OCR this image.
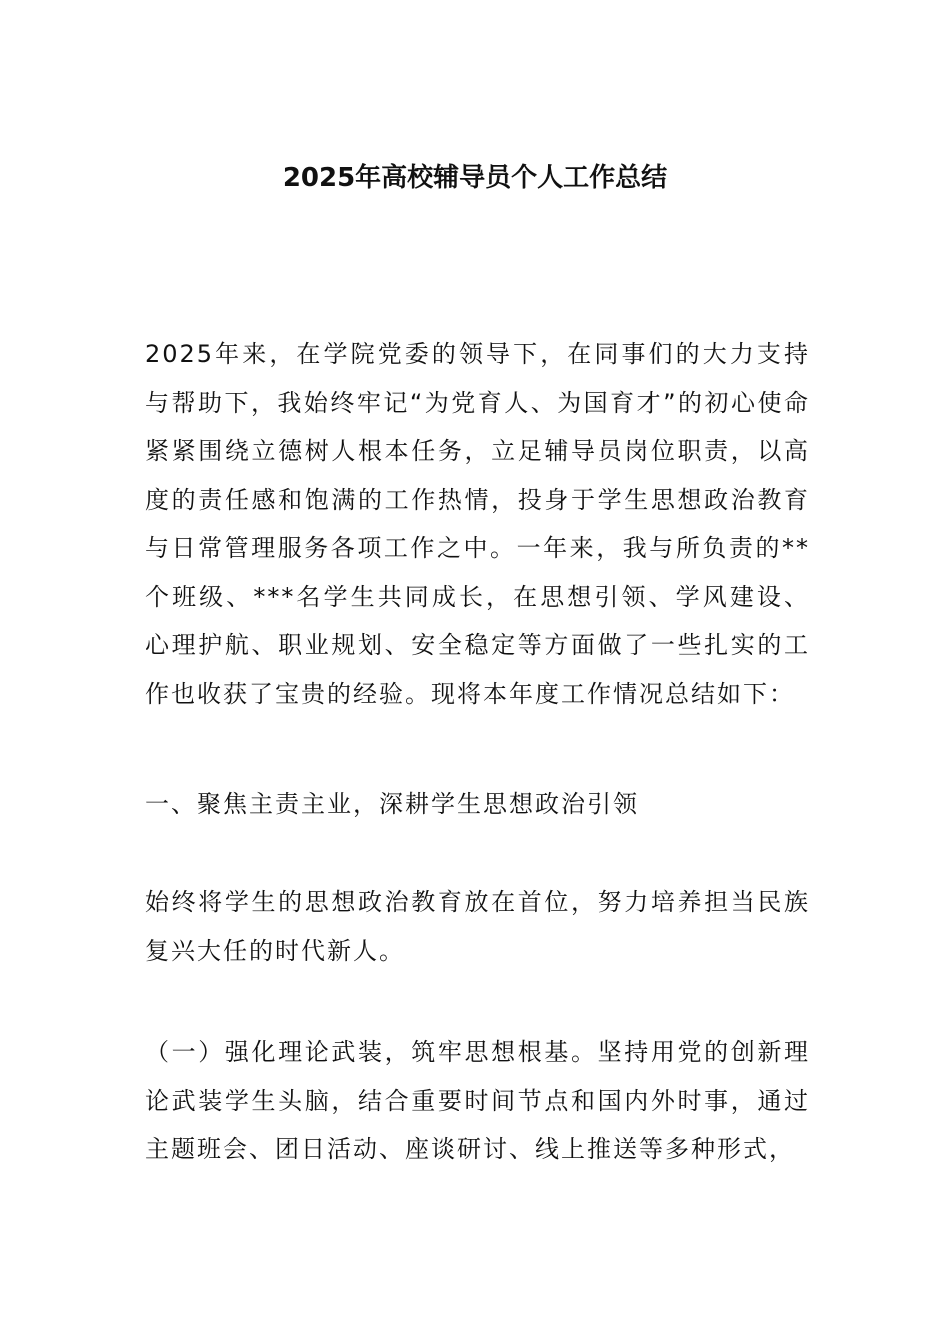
2025年高校辅导员个人工作总结

2025年来，在学院党委的领导下，在同事们的大力支持与帮助下，我始终牢记“为党育人、为国育才”的初心使命紧紧围绕立德树人根本任务，立足辅导员岗位职责，以高度的责任感和饱满的工作热情，投身于学生思想政治教育与日常管理服务各项工作之中。一年来，我与所负责的**个班级、***名学生共同成长，在思想引领、学风建设、心理护航、职业规划、安全稳定等方面做了一些扎实的工作也收获了宝贵的经验。现将本年度工作情况总结如下：

一、聚焦主责主业，深耕学生思想政治引领

始终将学生的思想政治教育放在首位，努力培养担当民族复兴大任的时代新人。

（一）强化理论武装，筑牢思想根基。坚持用党的创新理论武装学生头脑，结合重要时间节点和国内外时事，通过主题班会、团日活动、座谈研讨、线上推送等多种形式，
